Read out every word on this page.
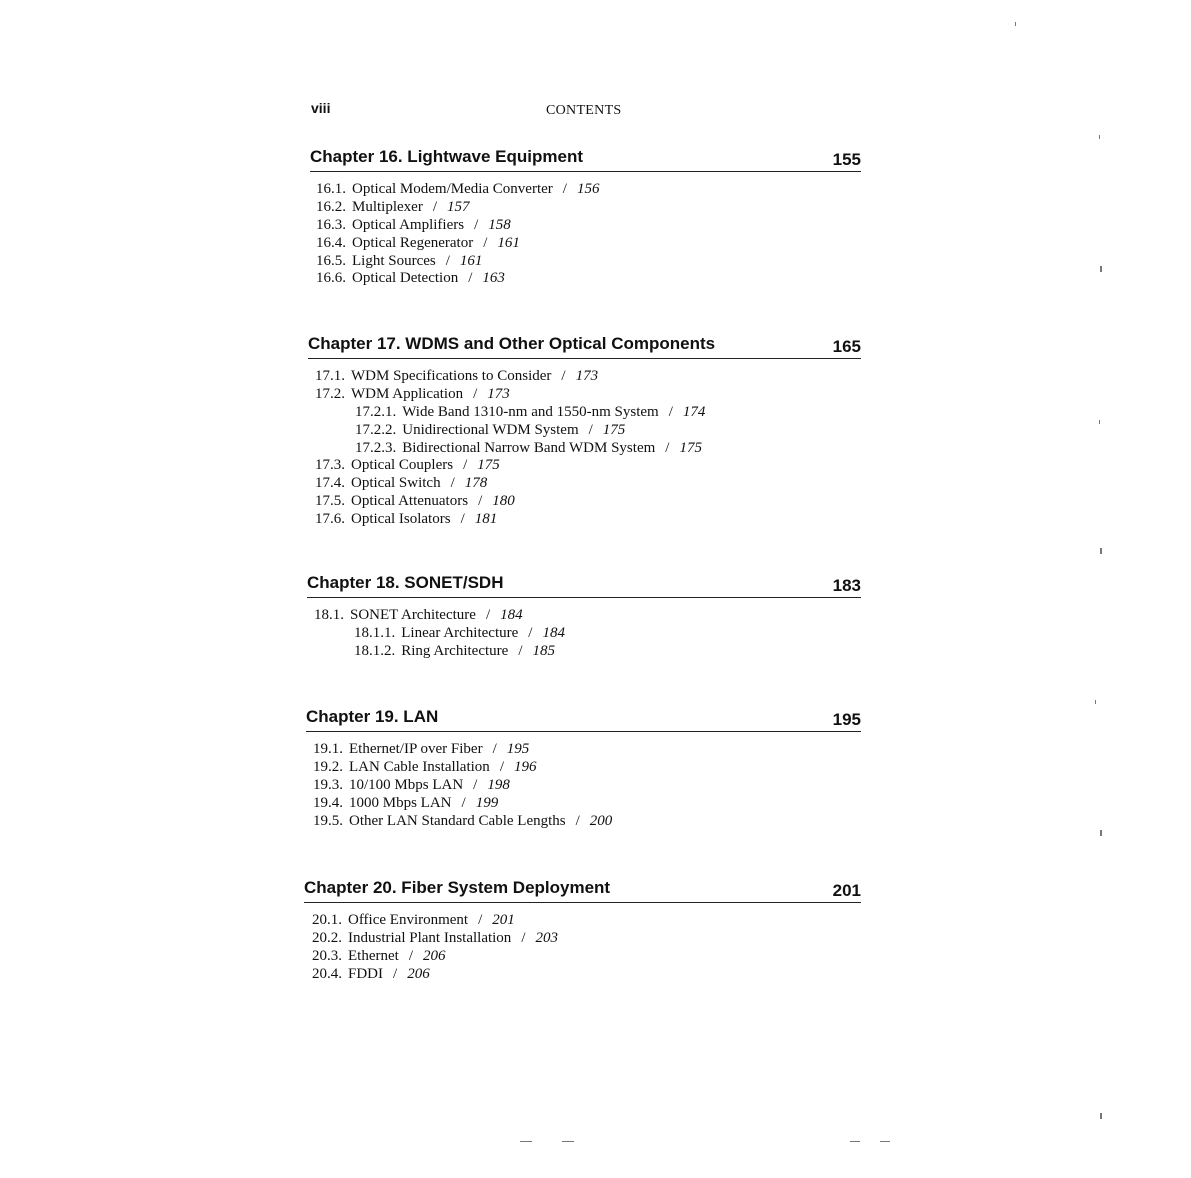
viii	CONTENTS
Chapter 16. Lightwave Equipment	155
16.1. Optical Modem/Media Converter / 156
16.2. Multiplexer / 157
16.3. Optical Amplifiers / 158
16.4. Optical Regenerator / 161
16.5. Light Sources / 161
16.6. Optical Detection / 163
Chapter 17. WDMS and Other Optical Components	165
17.1. WDM Specifications to Consider / 173
17.2. WDM Application / 173
17.2.1. Wide Band 1310-nm and 1550-nm System / 174
17.2.2. Unidirectional WDM System / 175
17.2.3. Bidirectional Narrow Band WDM System / 175
17.3. Optical Couplers / 175
17.4. Optical Switch / 178
17.5. Optical Attenuators / 180
17.6. Optical Isolators / 181
Chapter 18. SONET/SDH	183
18.1. SONET Architecture / 184
18.1.1. Linear Architecture / 184
18.1.2. Ring Architecture / 185
Chapter 19. LAN	195
19.1. Ethernet/IP over Fiber / 195
19.2. LAN Cable Installation / 196
19.3. 10/100 Mbps LAN / 198
19.4. 1000 Mbps LAN / 199
19.5. Other LAN Standard Cable Lengths / 200
Chapter 20. Fiber System Deployment	201
20.1. Office Environment / 201
20.2. Industrial Plant Installation / 203
20.3. Ethernet / 206
20.4. FDDI / 206
